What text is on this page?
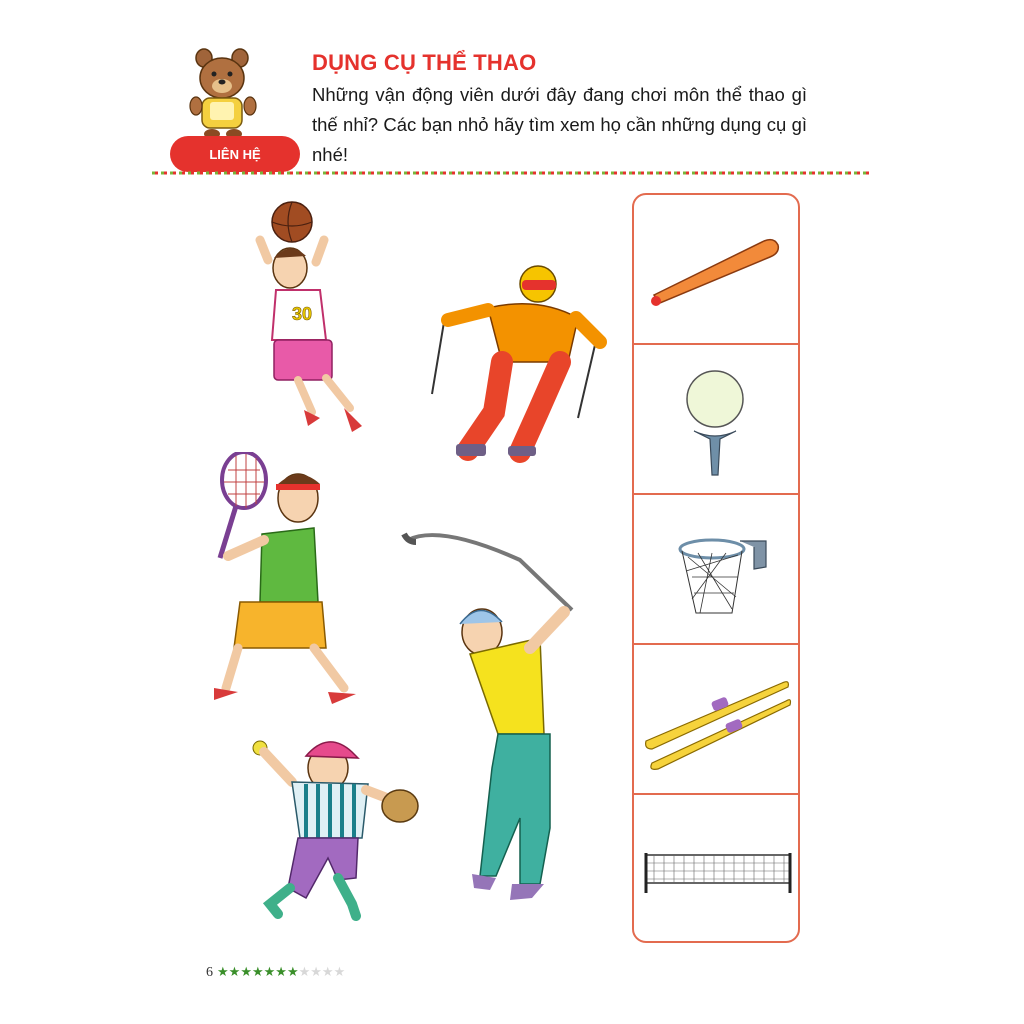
LIÊN HỆ
DỤNG CỤ THỂ THAO
Những vận động viên dưới đây đang chơi môn thể thao gì thế nhỉ? Các bạn nhỏ hãy tìm xem họ cần những dụng cụ gì nhé!
30
6 ★★★★★★★★★★★
